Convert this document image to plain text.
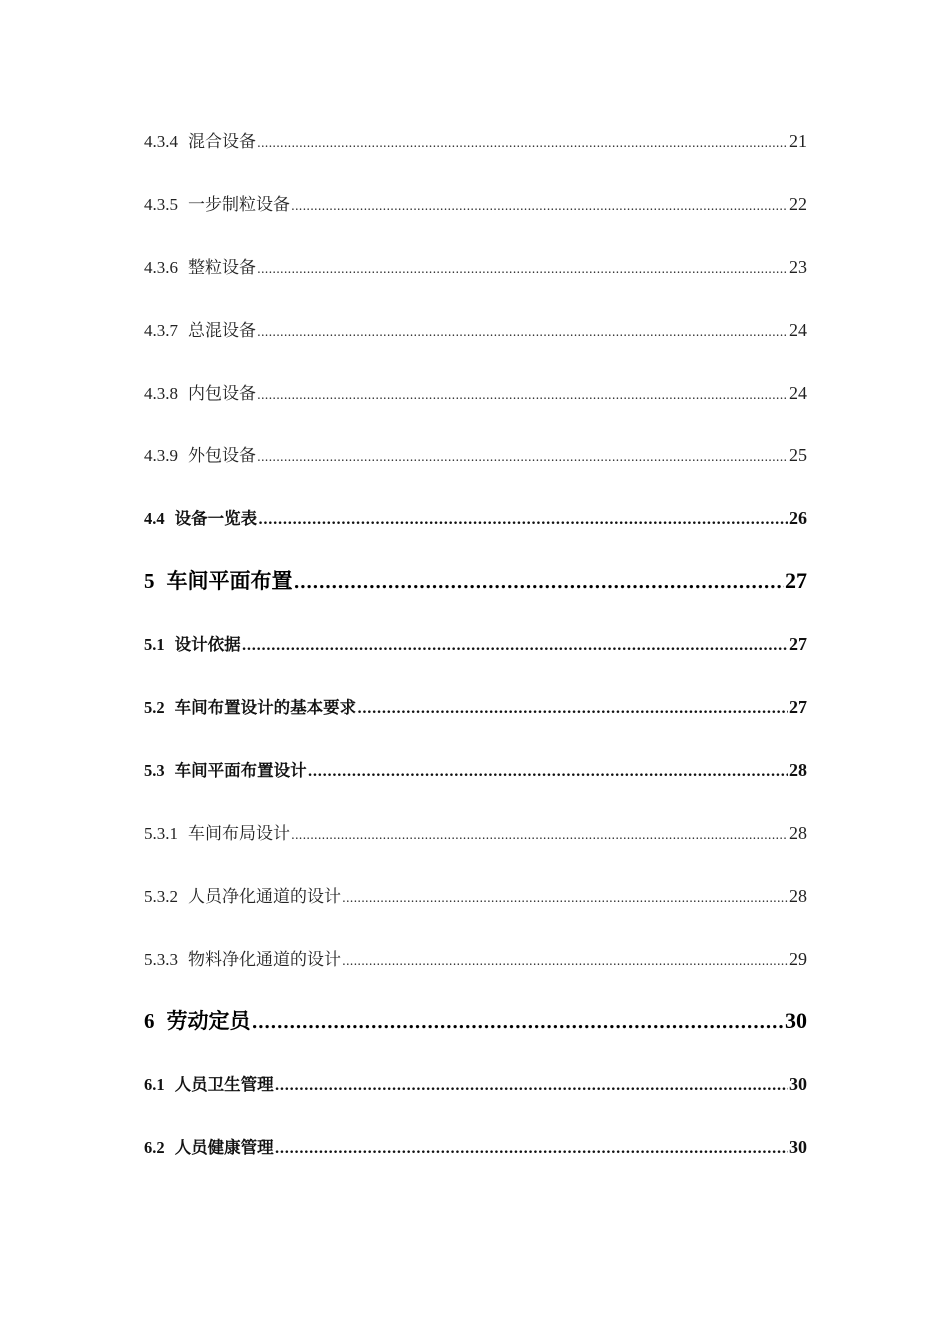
4.3.4 混合设备 .....	21
4.3.5 一步制粒设备 .....	22
4.3.6 整粒设备 .....	23
4.3.7 总混设备 .....	24
4.3.8 内包设备 .....	24
4.3.9 外包设备 .....	25
4.4 设备一览表 .....	26
5 车间平面布置 .....	27
5.1 设计依据 .....	27
5.2 车间布置设计的基本要求 .....	27
5.3 车间平面布置设计 .....	28
5.3.1 车间布局设计 .....	28
5.3.2 人员净化通道的设计 .....	28
5.3.3 物料净化通道的设计 .....	29
6 劳动定员 .....	30
6.1 人员卫生管理 .....	30
6.2 人员健康管理 .....	30
